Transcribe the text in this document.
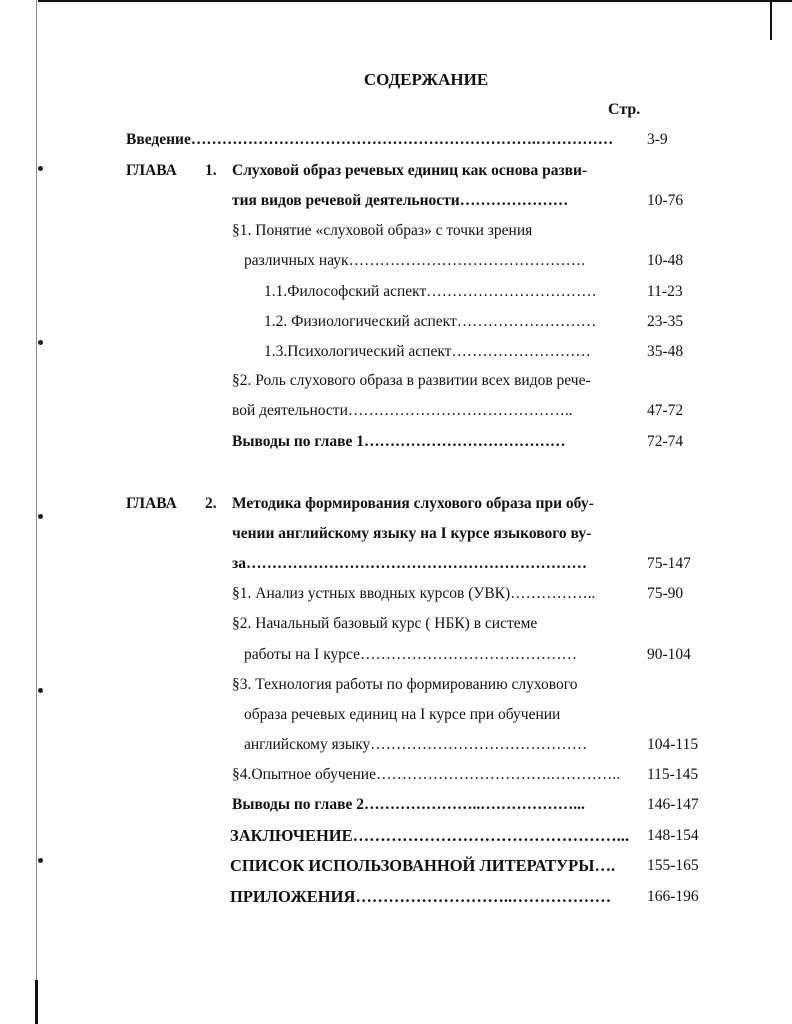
СОДЕРЖАНИЕ
Стр.
Введение………………………………………………………….…………… 3-9
ГЛАВА 1. Слуховой образ речевых единиц как основа разви-
тия видов речевой деятельности…………………	10-76
§1. Понятие «слуховой образ» с точки зрения
различных наук……………………………………….	10-48
1.1.Философский аспект……………………………	11-23
1.2. Физиологический аспект………………………	23-35
1.3.Психологический аспект………………………	35-48
§2. Роль слухового образа в развитии всех видов рече-
вой деятельности……………………………………..	47-72
Выводы по главе 1…………………………………	72-74
ГЛАВА 2. Методика формирования слухового образа при обу-
чении английскому языку на I курсе языкового ву-
за…………………………………………………………	75-147
§1. Анализ устных вводных курсов (УВК)……………..	75-90
§2. Начальный базовый курс ( НБК) в системе
работы на I курсе……………………………………	90-104
§3. Технология работы по формированию слухового
образа речевых единиц на I курсе при обучении
английскому языку……………………………………	104-115
§4.Опытное обучение…………………………….………….. 115-145
Выводы по главе 2…………………..………………...	146-147
ЗАКЛЮЧЕНИЕ…………………………………………... 148-154
СПИСОК ИСПОЛЬЗОВАННОЙ ЛИТЕРАТУРЫ…. 155-165
ПРИЛОЖЕНИЯ………………………..……………… 166-196
